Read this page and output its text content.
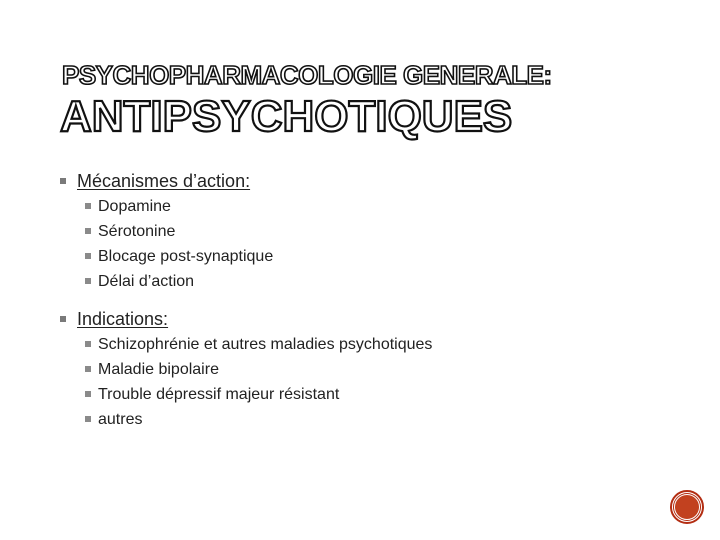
PSYCHOPHARMACOLOGIE GENERALE:
ANTIPSYCHOTIQUES
Mécanismes d’action:
Dopamine
Sérotonine
Blocage post-synaptique
Délai d’action
Indications:
Schizophrénie et autres maladies psychotiques
Maladie bipolaire
Trouble dépressif majeur résistant
autres
